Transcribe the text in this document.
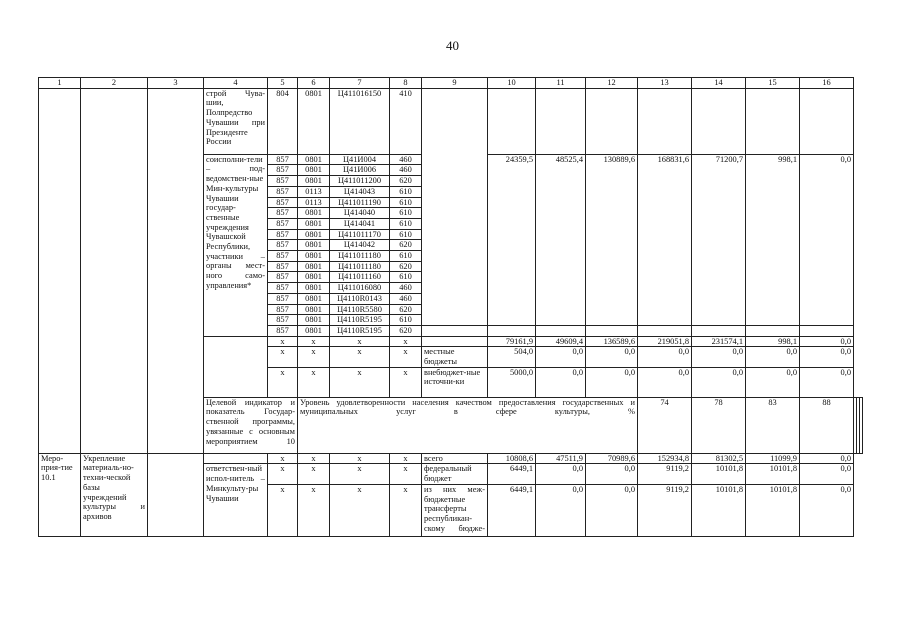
40
1	2	3	4	5	6	7	8	9	10	11	12	13	14	15	16			
			строй Чува-шии, Полпредство Чувашии при Президенте России	804	0801	Ц411016150	410											
			соисполни-тели – под-ведомствен-ные Мин-культуры Чувашии государ-ственные учреждения Чувашской Республики, участники – органы мест-ного само-управления*	857	0801	Ц41И004	460		24359,5	48525,4	130889,6	168831,6	71200,7	998,1	0,0			
				857	0801	Ц41И006	460											
				857	0801	Ц411011200	620											
				857	0113	Ц414043	610											
				857	0113	Ц411011190	610											
				857	0801	Ц414040	610											
				857	0801	Ц414041	610											
				857	0801	Ц411011170	610											
				857	0801	Ц414042	620											
				857	0801	Ц411011180	610											
				857	0801	Ц411011180	620											
				857	0801	Ц411011160	610											
				857	0801	Ц411016080	460											
				857	0801	Ц4110R0143	460											
				857	0801	Ц4110R5580	620											
				857	0801	Ц4110R5195	610											
				857	0801	Ц4110R5195	620											
				x	x	x	x		79161,9	49609,4	136589,6	219051,8	231574,1	998,1	0,0			
				x	x	x	x	местные бюджеты	504,0	0,0	0,0	0,0	0,0	0,0	0,0			
				x	x	x	x	внебюджет-ные источни-ки	5000,0	0,0	0,0	0,0	0,0	0,0	0,0			
			Целевой индикатор и показатель Государ-ственной программы, увязанные с основным мероприятием 10		Уровень удовлетворенности населения качеством предоставления государственных и муниципальных услуг в сфере культуры, %							74	78	83	88			
Меро-прия-тие 10.1	Укрепление материаль-но-техни-ческой базы учреждений культуры и архивов			x	x	x	x	всего	10808,6	47511,9	70989,6	152934,8	81302,5	11099,9	0,0			
			ответствен-ный испол-нитель – Минкульту-ры Чувашии	x	x	x	x	федеральный бюджет	6449,1	0,0	0,0	9119,2	10101,8	10101,8	0,0			
				x	x	x	x	из них меж-бюджетные трансферты республикан-скому бюдже-	6449,1	0,0	0,0	9119,2	10101,8	10101,8	0,0			
